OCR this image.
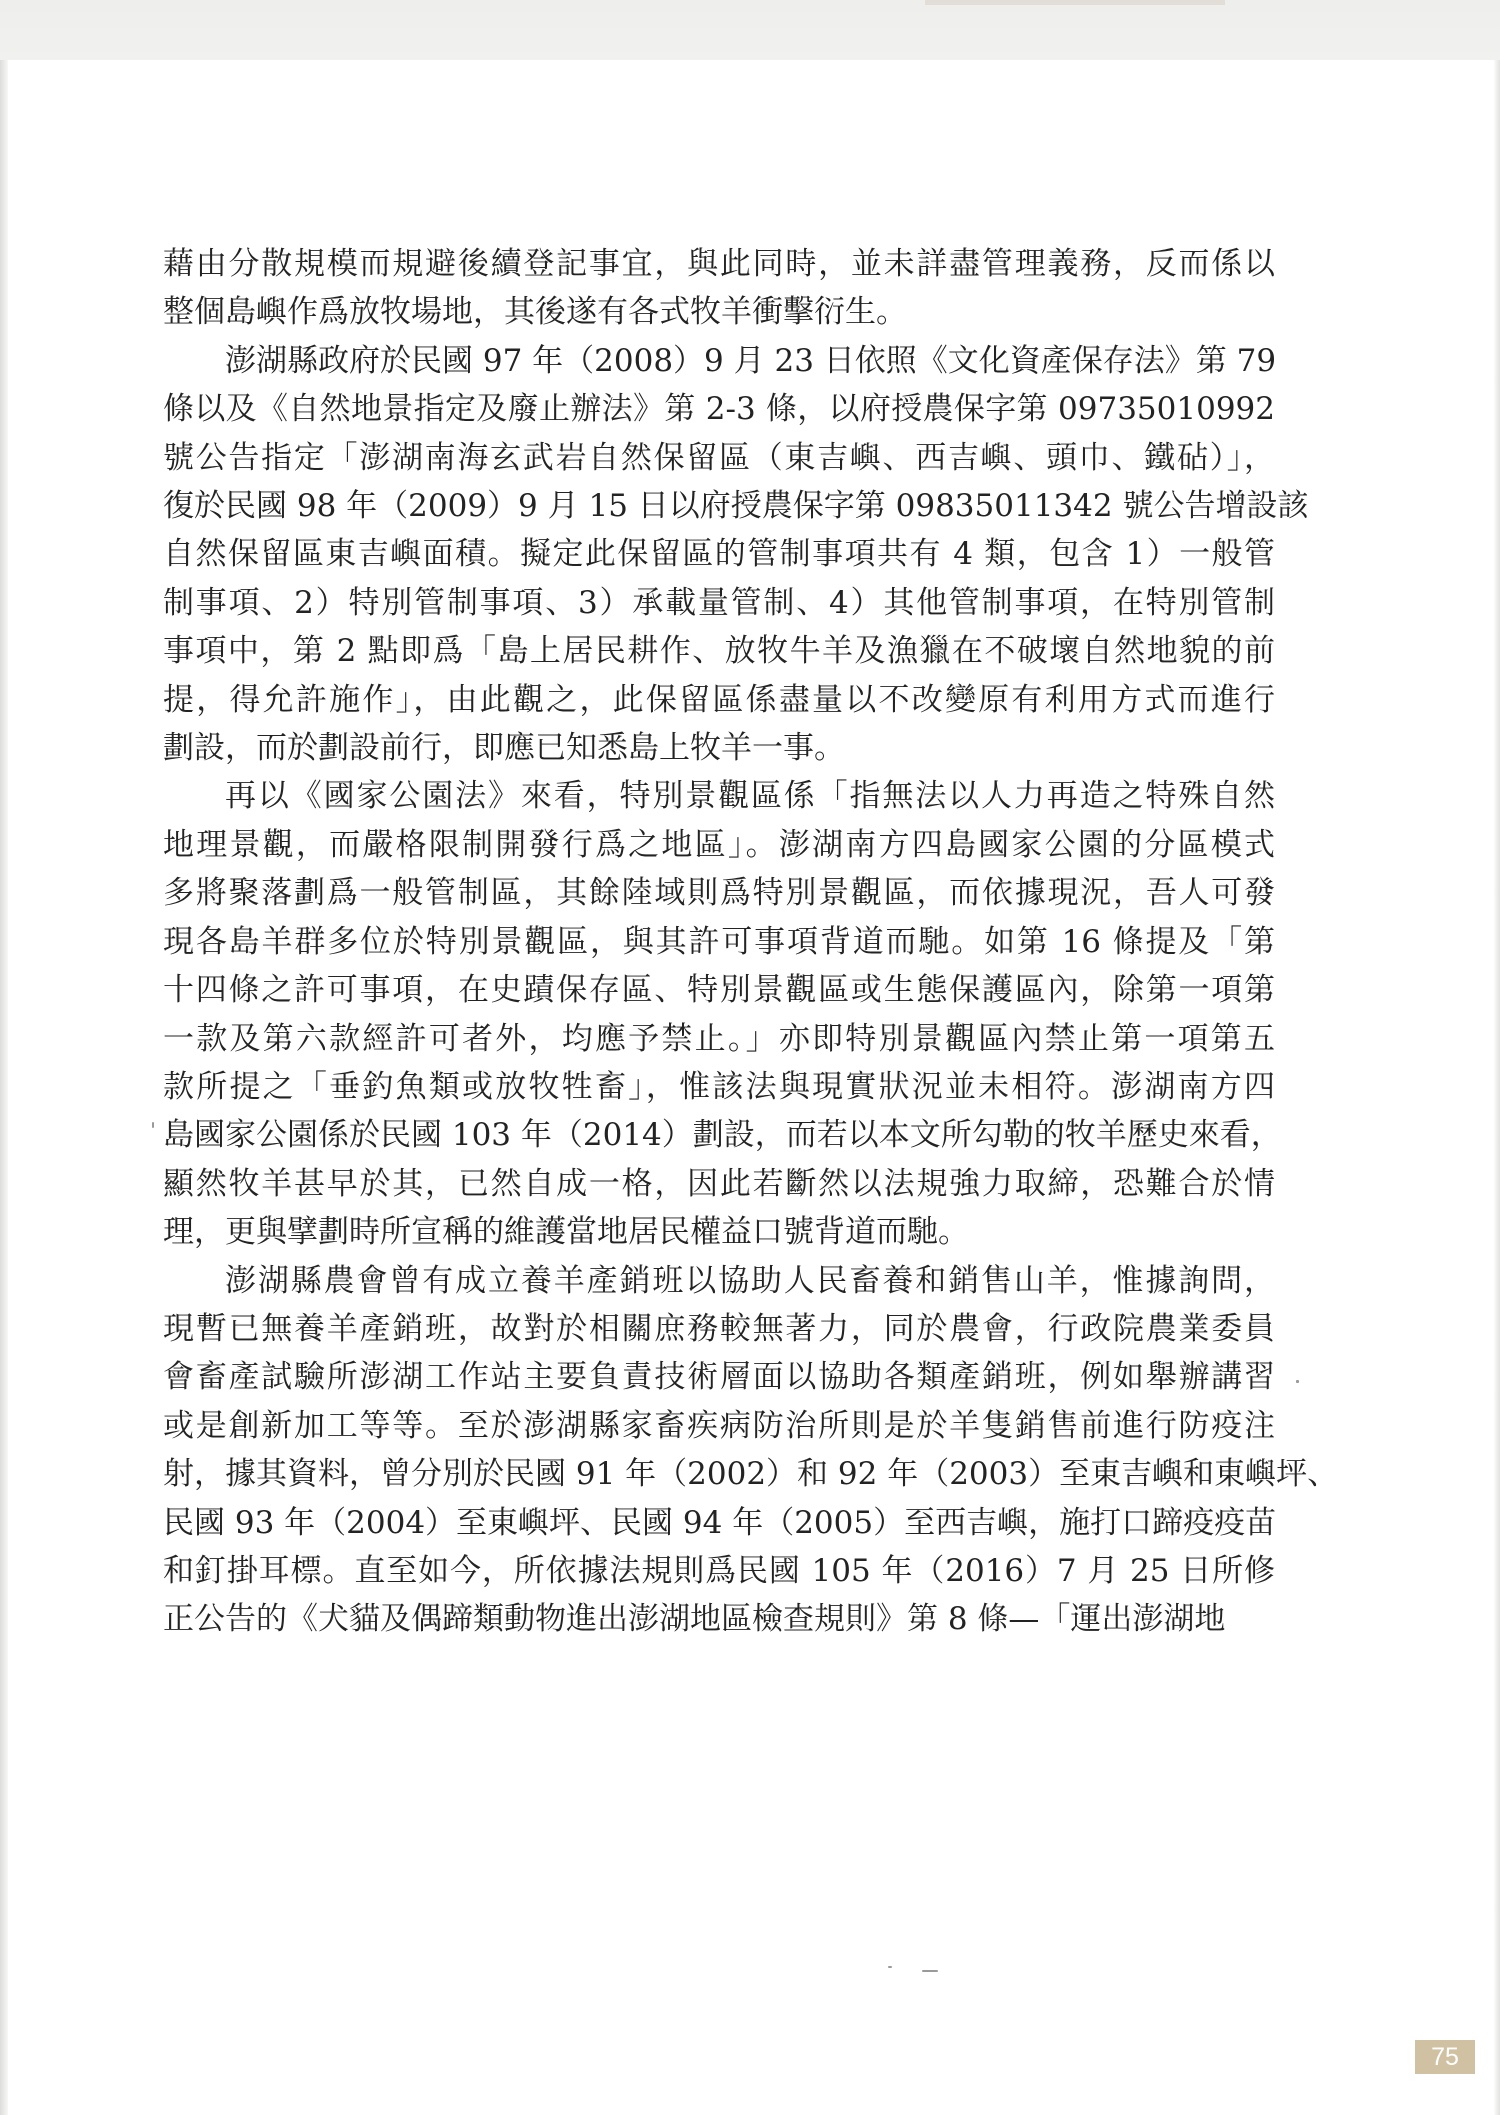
藉由分散規模而規避後續登記事宜，與此同時，並未詳盡管理義務，反而係以
整個島嶼作爲放牧場地，其後遂有各式牧羊衝擊衍生。
澎湖縣政府於民國 97 年（2008）9 月 23 日依照《文化資產保存法》第 79
條以及《自然地景指定及廢止辦法》第 2-3 條，以府授農保字第 09735010992
號公告指定「澎湖南海玄武岩自然保留區（東吉嶼、西吉嶼、頭巾、鐵砧）」，
復於民國 98 年（2009）9 月 15 日以府授農保字第 09835011342 號公告增設該
自然保留區東吉嶼面積。擬定此保留區的管制事項共有 4 類，包含 1）一般管
制事項、2）特別管制事項、3）承載量管制、4）其他管制事項，在特別管制
事項中，第 2 點即爲「島上居民耕作、放牧牛羊及漁獵在不破壞自然地貌的前
提，得允許施作」，由此觀之，此保留區係盡量以不改變原有利用方式而進行
劃設，而於劃設前行，即應已知悉島上牧羊一事。
再以《國家公園法》來看，特別景觀區係「指無法以人力再造之特殊自然
地理景觀，而嚴格限制開發行爲之地區」。澎湖南方四島國家公園的分區模式
多將聚落劃爲一般管制區，其餘陸域則爲特別景觀區，而依據現況，吾人可發
現各島羊群多位於特別景觀區，與其許可事項背道而馳。如第 16 條提及「第
十四條之許可事項，在史蹟保存區、特別景觀區或生態保護區內，除第一項第
一款及第六款經許可者外，均應予禁止。」亦即特別景觀區內禁止第一項第五
款所提之「垂釣魚類或放牧牲畜」，惟該法與現實狀況並未相符。澎湖南方四
島國家公園係於民國 103 年（2014）劃設，而若以本文所勾勒的牧羊歷史來看，
顯然牧羊甚早於其，已然自成一格，因此若斷然以法規強力取締，恐難合於情
理，更與擘劃時所宣稱的維護當地居民權益口號背道而馳。
澎湖縣農會曾有成立養羊產銷班以協助人民畜養和銷售山羊，惟據詢問，
現暫已無養羊產銷班，故對於相關庶務較無著力，同於農會，行政院農業委員
會畜產試驗所澎湖工作站主要負責技術層面以協助各類產銷班，例如舉辦講習
或是創新加工等等。至於澎湖縣家畜疾病防治所則是於羊隻銷售前進行防疫注
射，據其資料，曾分別於民國 91 年（2002）和 92 年（2003）至東吉嶼和東嶼坪、
民國 93 年（2004）至東嶼坪、民國 94 年（2005）至西吉嶼，施打口蹄疫疫苗
和釘掛耳標。直至如今，所依據法規則爲民國 105 年（2016）7 月 25 日所修
正公告的《犬貓及偶蹄類動物進出澎湖地區檢查規則》第 8 條—「運出澎湖地
75
